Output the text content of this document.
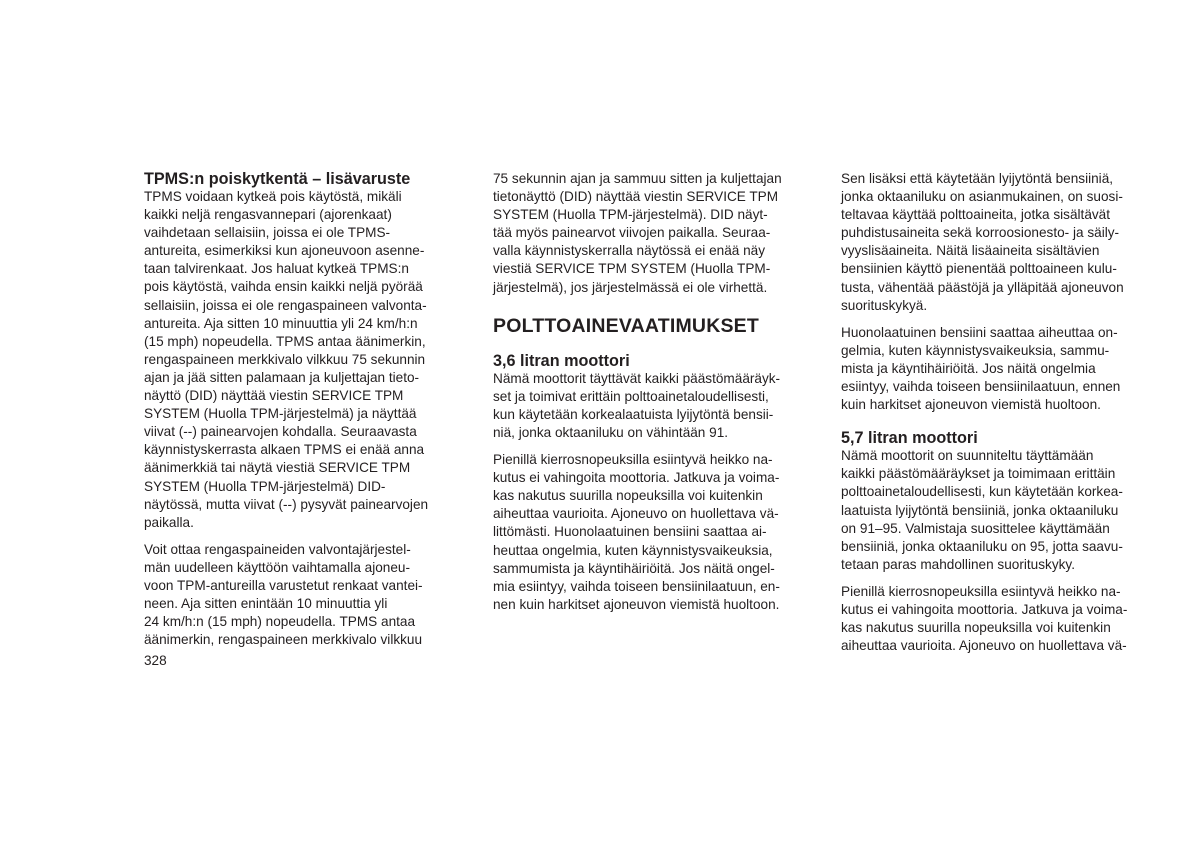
TPMS:n poiskytkentä – lisävaruste

TPMS voidaan kytkeä pois käytöstä, mikäli
kaikki neljä rengasvannepari (ajorenkaat)
vaihdetaan sellaisiin, joissa ei ole TPMS-
antureita, esimerkiksi kun ajoneuvoon asenne-
taan talvirenkaat. Jos haluat kytkeä TPMS:n
pois käytöstä, vaihda ensin kaikki neljä pyörää
sellaisiin, joissa ei ole rengaspaineen valvonta-
antureita. Aja sitten 10 minuuttia yli 24 km/h:n
(15 mph) nopeudella. TPMS antaa äänimerkin,
rengaspaineen merkkivalo vilkkuu 75 sekunnin
ajan ja jää sitten palamaan ja kuljettajan tieto-
näyttö (DID) näyttää viestin SERVICE TPM
SYSTEM (Huolla TPM-järjestelmä) ja näyttää
viivat (--) painearvojen kohdalla. Seuraavasta
käynnistyskerrasta alkaen TPMS ei enää anna
äänimerkkiä tai näytä viestiä SERVICE TPM
SYSTEM (Huolla TPM-järjestelmä) DID-
näytössä, mutta viivat (--) pysyvät painearvojen
paikalla.

Voit ottaa rengaspaineiden valvontajärjestel-
män uudelleen käyttöön vaihtamalla ajoneu-
voon TPM-antureilla varustetut renkaat vantei-
neen. Aja sitten enintään 10 minuuttia yli
24 km/h:n (15 mph) nopeudella. TPMS antaa
äänimerkin, rengaspaineen merkkivalo vilkkuu

75 sekunnin ajan ja sammuu sitten ja kuljettajan
tietonäyttö (DID) näyttää viestin SERVICE TPM
SYSTEM (Huolla TPM-järjestelmä). DID näyt-
tää myös painearvot viivojen paikalla. Seuraa-
valla käynnistyskerralla näytössä ei enää näy
viestiä SERVICE TPM SYSTEM (Huolla TPM-
järjestelmä), jos järjestelmässä ei ole virhettä.

POLTTOAINEVAATIMUKSET
3,6 litran moottori

Nämä moottorit täyttävät kaikki päästömääräyk-
set ja toimivat erittäin polttoainetaloudellisesti,
kun käytetään korkealaatuista lyijytöntä bensii-
niä, jonka oktaaniluku on vähintään 91.

Pienillä kierrosnopeuksilla esiintyvä heikko na-
kutus ei vahingoita moottoria. Jatkuva ja voima-
kas nakutus suurilla nopeuksilla voi kuitenkin
aiheuttaa vaurioita. Ajoneuvo on huollettava vä-
littömästi. Huonolaatuinen bensiini saattaa ai-
heuttaa ongelmia, kuten käynnistysvaikeuksia,
sammumista ja käyntihäiriöitä. Jos näitä ongel-
mia esiintyy, vaihda toiseen bensiinilaatuun, en-
nen kuin harkitset ajoneuvon viemistä huoltoon.

Sen lisäksi että käytetään lyijytöntä bensiiniä,
jonka oktaaniluku on asianmukainen, on suosi-
teltavaa käyttää polttoaineita, jotka sisältävät
puhdistusaineita sekä korroosionesto- ja säily-
vyyslisäaineita. Näitä lisäaineita sisältävien
bensiinien käyttö pienentää polttoaineen kulu-
tusta, vähentää päästöjä ja ylläpitää ajoneuvon
suorituskykyä.

Huonolaatuinen bensiini saattaa aiheuttaa on-
gelmia, kuten käynnistysvaikeuksia, sammu-
mista ja käyntihäiriöitä. Jos näitä ongelmia
esiintyy, vaihda toiseen bensiinilaatuun, ennen
kuin harkitset ajoneuvon viemistä huoltoon.

5,7 litran moottori

Nämä moottorit on suunniteltu täyttämään
kaikki päästömääräykset ja toimimaan erittäin
polttoainetaloudellisesti, kun käytetään korkea-
laatuista lyijytöntä bensiiniä, jonka oktaaniluku
on 91–95. Valmistaja suosittelee käyttämään
bensiiniä, jonka oktaaniluku on 95, jotta saavu-
tetaan paras mahdollinen suorituskyky.

Pienillä kierrosnopeuksilla esiintyvä heikko na-
kutus ei vahingoita moottoria. Jatkuva ja voima-
kas nakutus suurilla nopeuksilla voi kuitenkin
aiheuttaa vaurioita. Ajoneuvo on huollettava vä-

328
